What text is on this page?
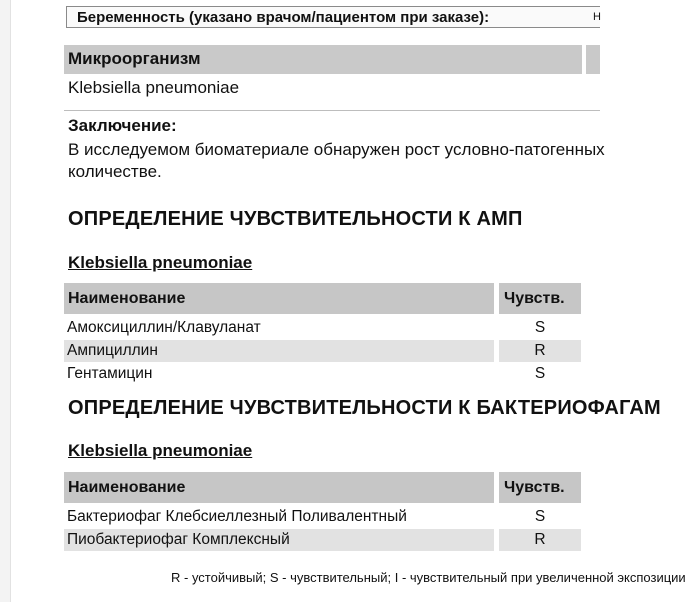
Беременность (указано врачом/пациентом при заказе):	Н
Микроорганизм
Klebsiella pneumoniae
Заключение:
В исследуемом биоматериале обнаружен рост условно-патогенных
количестве.
ОПРЕДЕЛЕНИЕ ЧУВСТВИТЕЛЬНОСТИ К АМП
Klebsiella pneumoniae
Наименование	Чувств.
Амоксициллин/Клавуланат	S
Ампициллин	R
Гентамицин	S
ОПРЕДЕЛЕНИЕ ЧУВСТВИТЕЛЬНОСТИ К БАКТЕРИОФАГАМ
Klebsiella pneumoniae
Наименование	Чувств.
Бактериофаг Клебсиеллезный Поливалентный	S
Пиобактериофаг Комплексный	R
R - устойчивый; S - чувствительный; I - чувствительный при увеличенной экспозиции
